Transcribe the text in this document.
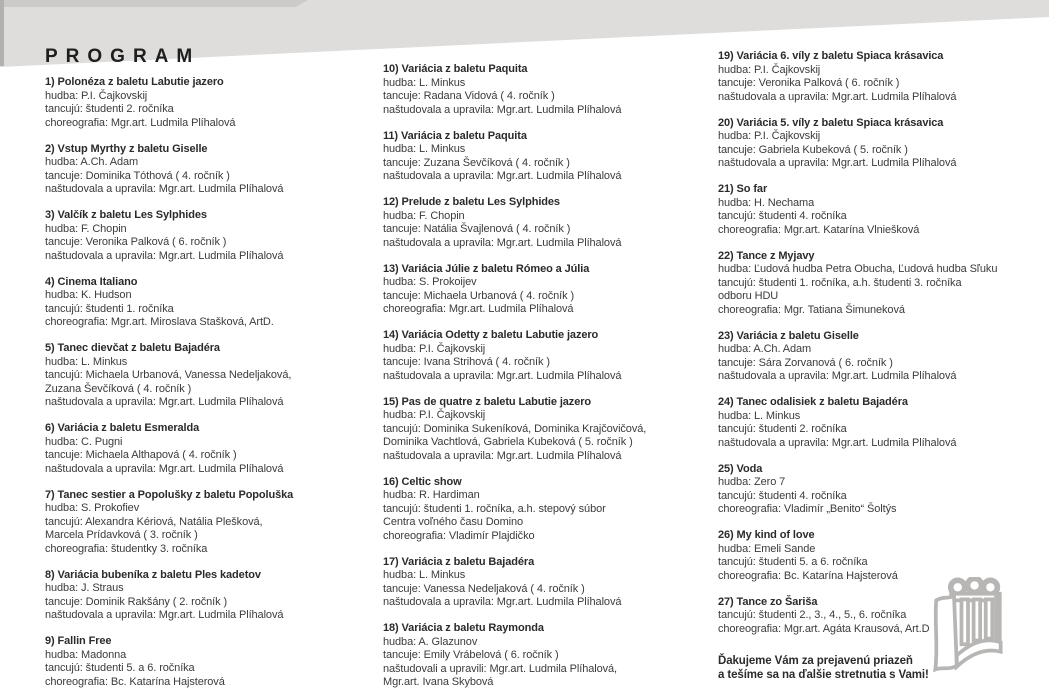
PROGRAM
1) Polonéza z baletu Labutie jazero
hudba: P.I. Čajkovskij
tancujú: študenti 2. ročníka
choreografia: Mgr.art. Ludmila Plíhalová
2) Vstup Myrthy z baletu Giselle
hudba: A.Ch. Adam
tancuje: Dominika Tóthová ( 4. ročník )
naštudovala a upravila: Mgr.art. Ludmila Plíhalová
3) Valčík z baletu Les Sylphides
hudba: F. Chopin
tancuje: Veronika Palková ( 6. ročník )
naštudovala a upravila: Mgr.art. Ludmila Plíhalová
4) Cinema Italiano
hudba: K. Hudson
tancujú: študenti 1. ročníka
choreografia: Mgr.art. Miroslava Stašková, ArtD.
5) Tanec dievčat z baletu Bajadéra
hudba: L. Minkus
tancujú: Michaela Urbanová, Vanessa Nedeljaková,
Zuzana Ševčíková ( 4. ročník )
naštudovala a upravila: Mgr.art. Ludmila Plíhalová
6) Variácia z baletu Esmeralda
hudba: C. Pugni
tancuje: Michaela Althapová ( 4. ročník )
naštudovala a upravila: Mgr.art. Ludmila Plíhalová
7) Tanec sestier a Popolušky z baletu Popoluška
hudba: S. Prokofiev
tancujú: Alexandra Kériová, Natália Plešková,
Marcela Prídavková ( 3. ročník )
choreografia: študentky 3. ročníka
8) Variácia bubeníka z baletu Ples kadetov
hudba: J. Straus
tancuje: Dominik Rakšány ( 2. ročník )
naštudovala a upravila: Mgr.art. Ludmila Plíhalová
9) Fallin Free
hudba: Madonna
tancujú: študenti 5. a 6. ročníka
choreografia: Bc. Katarína Hajsterová
10) Variácia z baletu Paquita
hudba: L. Minkus
tancuje: Radana Vidová ( 4. ročník )
naštudovala a upravila: Mgr.art. Ludmila Plíhalová
11) Variácia z baletu Paquita
hudba: L. Minkus
tancuje: Zuzana Ševčíková ( 4. ročník )
naštudovala a upravila: Mgr.art. Ludmila Plíhalová
12) Prelude z baletu Les Sylphides
hudba: F. Chopin
tancuje: Natália Švajlenová ( 4. ročník )
naštudovala a upravila: Mgr.art. Ludmila Plíhalová
13) Variácia Júlie z baletu Rómeo a Júlia
hudba: S. Prokoijev
tancuje: Michaela Urbanová ( 4. ročník )
choreografia: Mgr.art. Ludmila Plíhalová
14) Variácia Odetty z baletu Labutie jazero
hudba: P.I. Čajkovskij
tancuje: Ivana Strihová ( 4. ročník )
naštudovala a upravila: Mgr.art. Ludmila Plíhalová
15) Pas de quatre z baletu Labutie jazero
hudba: P.I. Čajkovskij
tancujú: Dominika Sukeníková, Dominika Krajčovičová,
Dominika Vachtlová, Gabriela Kubeková ( 5. ročník )
naštudovala a upravila: Mgr.art. Ludmila Plíhalová
16) Celtic show
hudba: R. Hardiman
tancujú: študenti 1. ročníka, a.h. stepový súbor
Centra voľného času Domino
choreografia: Vladimír Plajdičko
17) Variácia z baletu Bajadéra
hudba: L. Minkus
tancuje: Vanessa Nedeljaková ( 4. ročník )
naštudovala a upravila: Mgr.art. Ludmila Plíhalová
18) Variácia z baletu Raymonda
hudba: A. Glazunov
tancuje: Emily Vrábelová ( 6. ročník )
naštudovali a upravili: Mgr.art. Ludmila Plíhalová,
Mgr.art. Ivana Skybová
19) Variácia 6. víly z baletu Spiaca krásavica
hudba: P.I. Čajkovskij
tancuje: Veronika Palková ( 6. ročník )
naštudovala a upravila: Mgr.art. Ludmila Plíhalová
20) Variácia 5. víly z baletu Spiaca krásavica
hudba: P.I. Čajkovskij
tancuje: Gabriela Kubeková ( 5. ročník )
naštudovala a upravila: Mgr.art. Ludmila Plíhalová
21) So far
hudba: H. Nechama
tancujú: študenti 4. ročníka
choreografia: Mgr.art. Katarína Vlniešková
22) Tance z Myjavy
hudba: Ľudová hudba Petra Obucha, Ľudová hudba Sľuku
tancujú: študenti 1. ročníka, a.h. študenti 3. ročníka
odboru HDU
choreografia: Mgr. Tatiana Šimuneková
23) Variácia z baletu Giselle
hudba: A.Ch. Adam
tancuje: Sára Zorvanová ( 6. ročník )
naštudovala a upravila: Mgr.art. Ludmila Plíhalová
24) Tanec odalisiek z baletu Bajadéra
hudba: L. Minkus
tancujú: študenti 2. ročníka
naštudovala a upravila: Mgr.art. Ludmila Plíhalová
25) Voda
hudba: Zero 7
tancujú: študenti 4. ročníka
choreografia: Vladimír „Benito“ Šoltýs
26) My kind of love
hudba: Emeli Sande
tancujú: študenti 5. a 6. ročníka
choreografia: Bc. Katarína Hajsterová
27) Tance zo Šariša
tancujú: študenti 2., 3., 4., 5., 6. ročníka
choreografia: Mgr.art. Agáta Krausová, Art.D
Ďakujeme Vám za prejavenú priazeň
a tešíme sa na ďalšie stretnutia s Vami!
